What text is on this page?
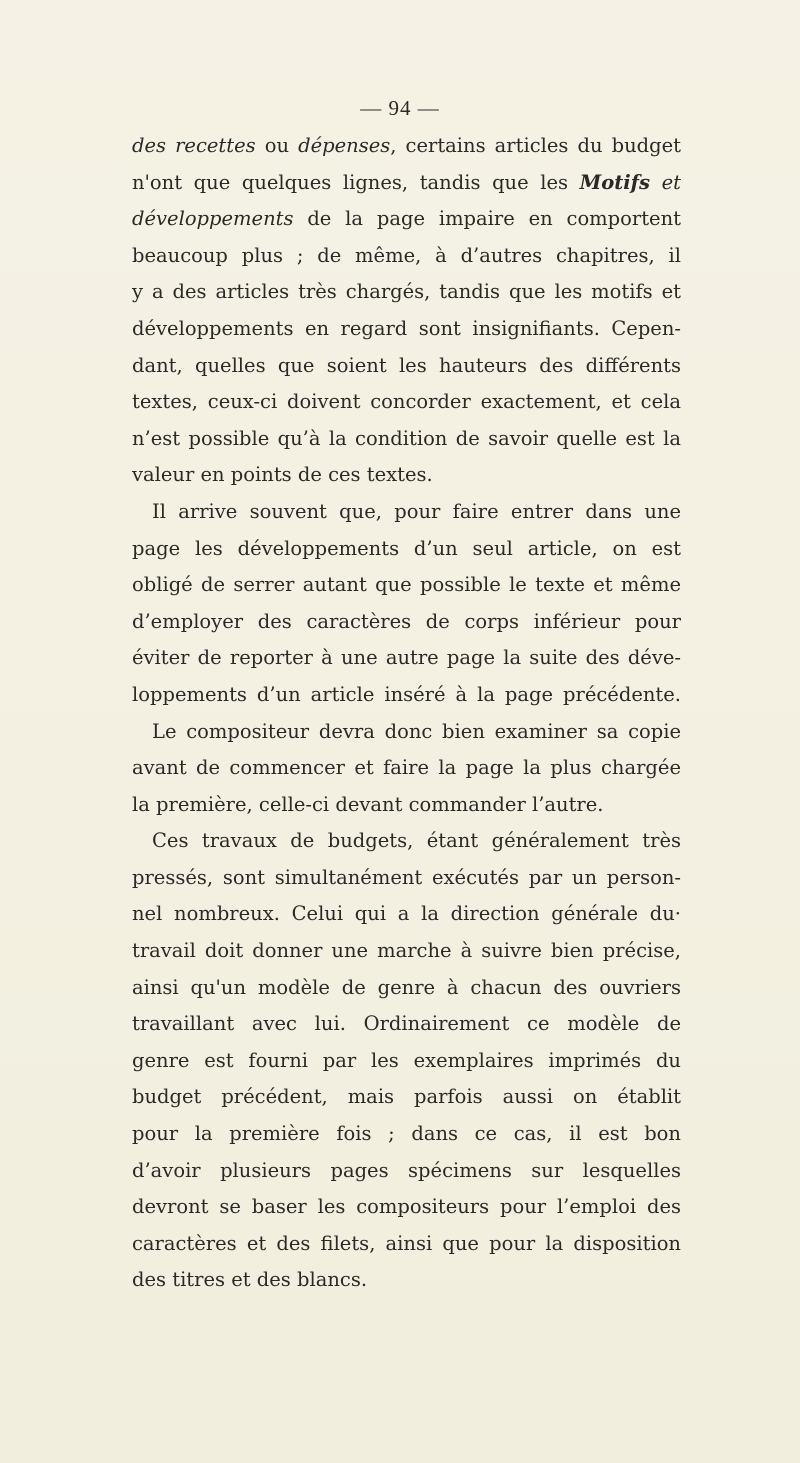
— 94 —
des recettes ou dépenses, certains articles du budget
n'ont que quelques lignes, tandis que les Motifs et
développements de la page impaire en comportent
beaucoup plus ; de même, à d’autres chapitres, il
y a des articles très chargés, tandis que les motifs et
développements en regard sont insignifiants. Cepen-
dant, quelles que soient les hauteurs des différents
textes, ceux-ci doivent concorder exactement, et cela
n’est possible qu’à la condition de savoir quelle est la
valeur en points de ces textes.
Il arrive souvent que, pour faire entrer dans une
page les développements d’un seul article, on est
obligé de serrer autant que possible le texte et même
d’employer des caractères de corps inférieur pour
éviter de reporter à une autre page la suite des déve-
loppements d’un article inséré à la page précédente.
Le compositeur devra donc bien examiner sa copie
avant de commencer et faire la page la plus chargée
la première, celle-ci devant commander l’autre.
Ces travaux de budgets, étant généralement très
pressés, sont simultanément exécutés par un person-
nel nombreux. Celui qui a la direction générale du·
travail doit donner une marche à suivre bien précise,
ainsi qu'un modèle de genre à chacun des ouvriers
travaillant avec lui. Ordinairement ce modèle de
genre est fourni par les exemplaires imprimés du
budget précédent, mais parfois aussi on établit
pour la première fois ; dans ce cas, il est bon
d’avoir plusieurs pages spécimens sur lesquelles
devront se baser les compositeurs pour l’emploi des
caractères et des filets, ainsi que pour la disposition
des titres et des blancs.
